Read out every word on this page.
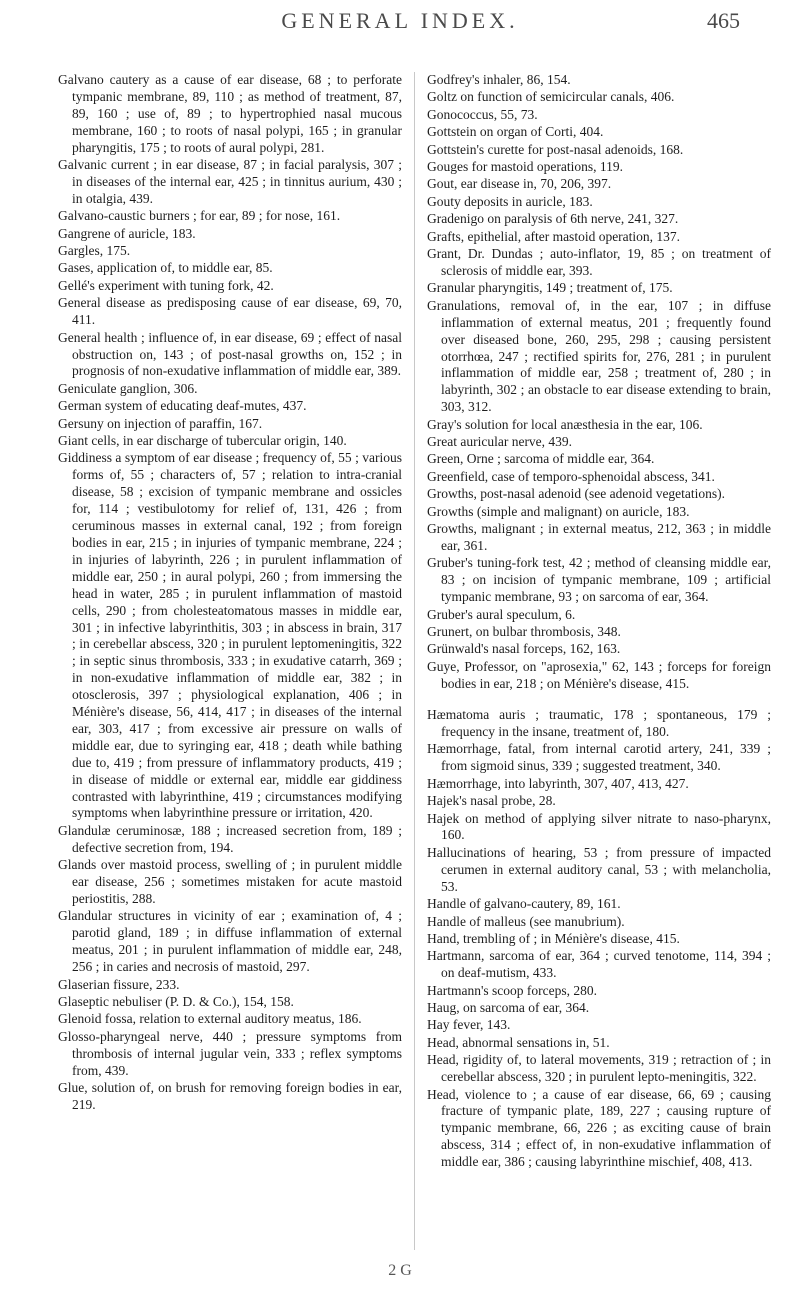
GENERAL INDEX.	465

Galvano cautery as a cause of ear disease, 68 ; to perforate tympanic membrane, 89, 110 ; as method of treatment, 87, 89, 160 ; use of, 89 ; to hypertrophied nasal mucous membrane, 160 ; to roots of nasal polypi, 165 ; in granular pharyngitis, 175 ; to roots of aural polypi, 281.

Galvanic current ; in ear disease, 87 ; in facial paralysis, 307 ; in diseases of the internal ear, 425 ; in tinnitus aurium, 430 ; in otalgia, 439.

Galvano-caustic burners ; for ear, 89 ; for nose, 161.

Gangrene of auricle, 183.

Gargles, 175.

Gases, application of, to middle ear, 85.

Gellé's experiment with tuning fork, 42.

General disease as predisposing cause of ear disease, 69, 70, 411.

General health ; influence of, in ear disease, 69 ; effect of nasal obstruction on, 143 ; of post-nasal growths on, 152 ; in prognosis of non-exudative inflammation of middle ear, 389.

Geniculate ganglion, 306.

German system of educating deaf-mutes, 437.

Gersuny on injection of paraffin, 167.

Giant cells, in ear discharge of tubercular origin, 140.

Giddiness a symptom of ear disease ; frequency of, 55 ; various forms of, 55 ; characters of, 57 ; relation to intra-cranial disease, 58 ; excision of tympanic membrane and ossicles for, 114 ; vestibulotomy for relief of, 131, 426 ; from ceruminous masses in external canal, 192 ; from foreign bodies in ear, 215 ; in injuries of tympanic membrane, 224 ; in injuries of labyrinth, 226 ; in purulent inflammation of middle ear, 250 ; in aural polypi, 260 ; from immersing the head in water, 285 ; in purulent inflammation of mastoid cells, 290 ; from cholesteatomatous masses in middle ear, 301 ; in infective labyrinthitis, 303 ; in abscess in brain, 317 ; in cerebellar abscess, 320 ; in purulent leptomeningitis, 322 ; in septic sinus thrombosis, 333 ; in exudative catarrh, 369 ; in non-exudative inflammation of middle ear, 382 ; in otosclerosis, 397 ; physiological explanation, 406 ; in Ménière's disease, 56, 414, 417 ; in diseases of the internal ear, 303, 417 ; from excessive air pressure on walls of middle ear, due to syringing ear, 418 ; death while bathing due to, 419 ; from pressure of inflammatory products, 419 ; in disease of middle or external ear, middle ear giddiness contrasted with labyrinthine, 419 ; circumstances modifying symptoms when labyrinthine pressure or irritation, 420.

Glandulæ ceruminosæ, 188 ; increased secretion from, 189 ; defective secretion from, 194.

Glands over mastoid process, swelling of ; in purulent middle ear disease, 256 ; sometimes mistaken for acute mastoid periostitis, 288.

Glandular structures in vicinity of ear ; examination of, 4 ; parotid gland, 189 ; in diffuse inflammation of external meatus, 201 ; in purulent inflammation of middle ear, 248, 256 ; in caries and necrosis of mastoid, 297.

Glaserian fissure, 233.

Glaseptic nebuliser (P. D. & Co.), 154, 158.

Glenoid fossa, relation to external auditory meatus, 186.

Glosso-pharyngeal nerve, 440 ; pressure symptoms from thrombosis of internal jugular vein, 333 ; reflex symptoms from, 439.

Glue, solution of, on brush for removing foreign bodies in ear, 219.

Godfrey's inhaler, 86, 154.

Goltz on function of semicircular canals, 406.

Gonococcus, 55, 73.

Gottstein on organ of Corti, 404.

Gottstein's curette for post-nasal adenoids, 168.

Gouges for mastoid operations, 119.

Gout, ear disease in, 70, 206, 397.

Gouty deposits in auricle, 183.

Gradenigo on paralysis of 6th nerve, 241, 327.

Grafts, epithelial, after mastoid operation, 137.

Grant, Dr. Dundas ; auto-inflator, 19, 85 ; on treatment of sclerosis of middle ear, 393.

Granular pharyngitis, 149 ; treatment of, 175.

Granulations, removal of, in the ear, 107 ; in diffuse inflammation of external meatus, 201 ; frequently found over diseased bone, 260, 295, 298 ; causing persistent otorrhœa, 247 ; rectified spirits for, 276, 281 ; in purulent inflammation of middle ear, 258 ; treatment of, 280 ; in labyrinth, 302 ; an obstacle to ear disease extending to brain, 303, 312.

Gray's solution for local anæsthesia in the ear, 106.

Great auricular nerve, 439.

Green, Orne ; sarcoma of middle ear, 364.

Greenfield, case of temporo-sphenoidal abscess, 341.

Growths, post-nasal adenoid (see adenoid vegetations).

Growths (simple and malignant) on auricle, 183.

Growths, malignant ; in external meatus, 212, 363 ; in middle ear, 361.

Gruber's tuning-fork test, 42 ; method of cleansing middle ear, 83 ; on incision of tympanic membrane, 109 ; artificial tympanic membrane, 93 ; on sarcoma of ear, 364.

Gruber's aural speculum, 6.

Grunert, on bulbar thrombosis, 348.

Grünwald's nasal forceps, 162, 163.

Guye, Professor, on "aprosexia," 62, 143 ; forceps for foreign bodies in ear, 218 ; on Ménière's disease, 415.

Hæmatoma auris ; traumatic, 178 ; spontaneous, 179 ; frequency in the insane, treatment of, 180.

Hæmorrhage, fatal, from internal carotid artery, 241, 339 ; from sigmoid sinus, 339 ; suggested treatment, 340.

Hæmorrhage, into labyrinth, 307, 407, 413, 427.

Hajek's nasal probe, 28.

Hajek on method of applying silver nitrate to naso-pharynx, 160.

Hallucinations of hearing, 53 ; from pressure of impacted cerumen in external auditory canal, 53 ; with melancholia, 53.

Handle of galvano-cautery, 89, 161.

Handle of malleus (see manubrium).

Hand, trembling of ; in Ménière's disease, 415.

Hartmann, sarcoma of ear, 364 ; curved tenotome, 114, 394 ; on deaf-mutism, 433.

Hartmann's scoop forceps, 280.

Haug, on sarcoma of ear, 364.

Hay fever, 143.

Head, abnormal sensations in, 51.

Head, rigidity of, to lateral movements, 319 ; retraction of ; in cerebellar abscess, 320 ; in purulent lepto-meningitis, 322.

Head, violence to ; a cause of ear disease, 66, 69 ; causing fracture of tympanic plate, 189, 227 ; causing rupture of tympanic membrane, 66, 226 ; as exciting cause of brain abscess, 314 ; effect of, in non-exudative inflammation of middle ear, 386 ; causing labyrinthine mischief, 408, 413.

2 G
